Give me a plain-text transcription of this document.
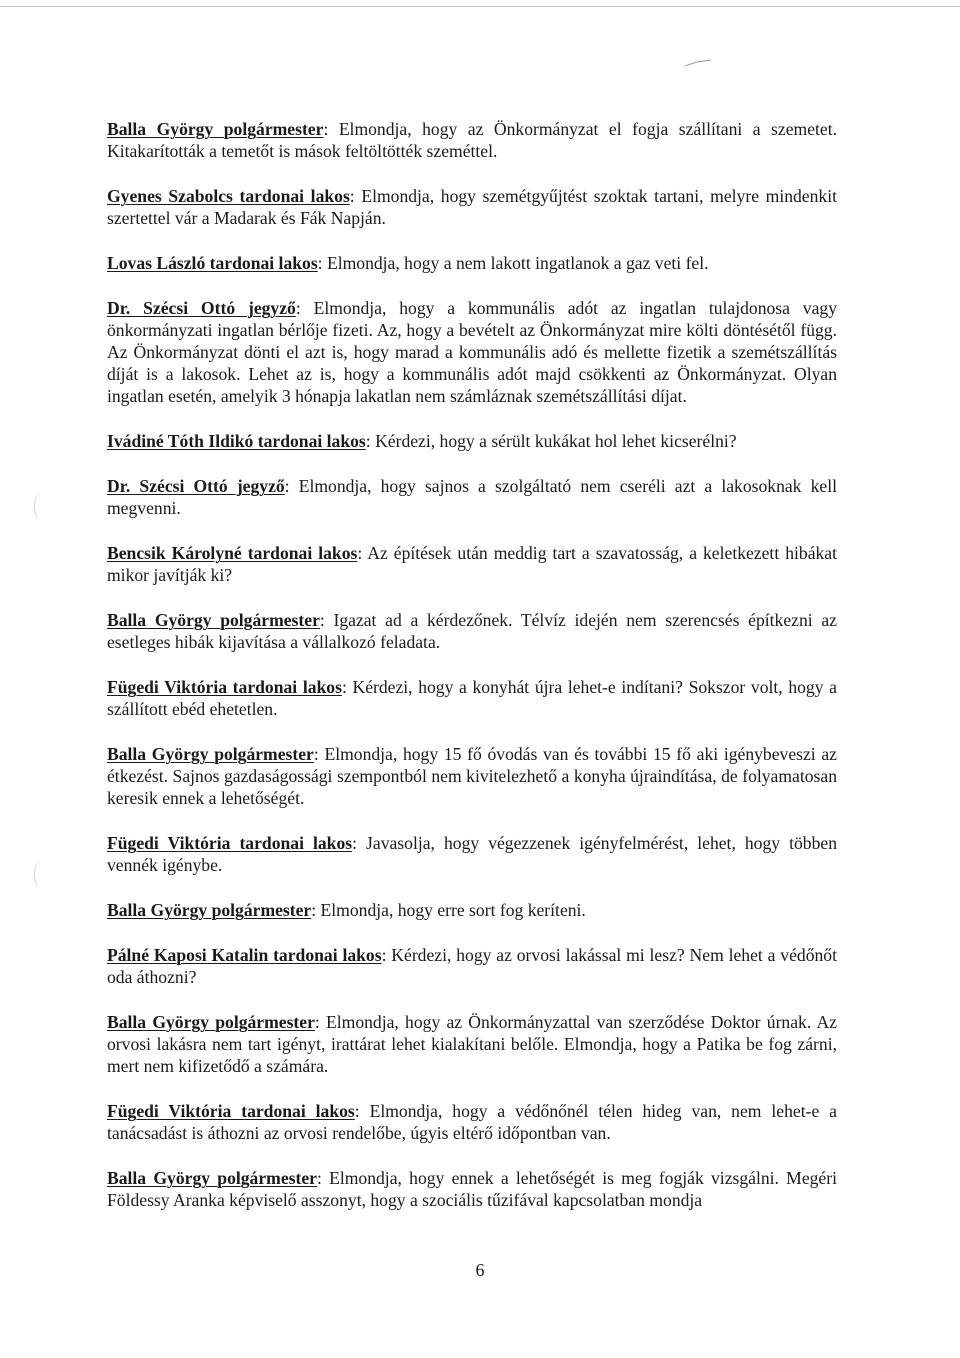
Balla György polgármester: Elmondja, hogy az Önkormányzat el fogja szállítani a szemetet. Kitakarították a temetőt is mások feltöltötték szeméttel.

Gyenes Szabolcs tardonai lakos: Elmondja, hogy szemétgyűjtést szoktak tartani, melyre mindenkit szertettel vár a Madarak és Fák Napján.

Lovas László tardonai lakos: Elmondja, hogy a nem lakott ingatlanok a gaz veti fel.

Dr. Szécsi Ottó jegyző: Elmondja, hogy a kommunális adót az ingatlan tulajdonosa vagy önkormányzati ingatlan bérlője fizeti. Az, hogy a bevételt az Önkormányzat mire költi döntésétől függ. Az Önkormányzat dönti el azt is, hogy marad a kommunális adó és mellette fizetik a szemétszállítás díját is a lakosok. Lehet az is, hogy a kommunális adót majd csökkenti az Önkormányzat. Olyan ingatlan esetén, amelyik 3 hónapja lakatlan nem számláznak szemétszállítási díjat.

Ivádiné Tóth Ildikó tardonai lakos: Kérdezi, hogy a sérült kukákat hol lehet kicserélni?

Dr. Szécsi Ottó jegyző: Elmondja, hogy sajnos a szolgáltató nem cseréli azt a lakosoknak kell megvenni.

Bencsik Károlyné tardonai lakos: Az építések után meddig tart a szavatosság, a keletkezett hibákat mikor javítják ki?

Balla György polgármester: Igazat ad a kérdezőnek. Télvíz idején nem szerencsés építkezni az esetleges hibák kijavítása a vállalkozó feladata.

Fügedi Viktória tardonai lakos: Kérdezi, hogy a konyhát újra lehet-e indítani? Sokszor volt, hogy a szállított ebéd ehetetlen.

Balla György polgármester: Elmondja, hogy 15 fő óvodás van és további 15 fő aki igénybeveszi az étkezést. Sajnos gazdaságossági szempontból nem kivitelezhető a konyha újraindítása, de folyamatosan keresik ennek a lehetőségét.

Fügedi Viktória tardonai lakos: Javasolja, hogy végezzenek igényfelmérést, lehet, hogy többen vennék igénybe.

Balla György polgármester: Elmondja, hogy erre sort fog keríteni.

Pálné Kaposi Katalin tardonai lakos: Kérdezi, hogy az orvosi lakással mi lesz? Nem lehet a védőnőt oda áthozni?

Balla György polgármester: Elmondja, hogy az Önkormányzattal van szerződése Doktor úrnak. Az orvosi lakásra nem tart igényt, irattárat lehet kialakítani belőle. Elmondja, hogy a Patika be fog zárni, mert nem kifizetődő a számára.

Fügedi Viktória tardonai lakos: Elmondja, hogy a védőnőnél télen hideg van, nem lehet-e a tanácsadást is áthozni az orvosi rendelőbe, úgyis eltérő időpontban van.

Balla György polgármester: Elmondja, hogy ennek a lehetőségét is meg fogják vizsgálni. Megéri Földessy Aranka képviselő asszonyt, hogy a szociális tűzifával kapcsolatban mondja

6
